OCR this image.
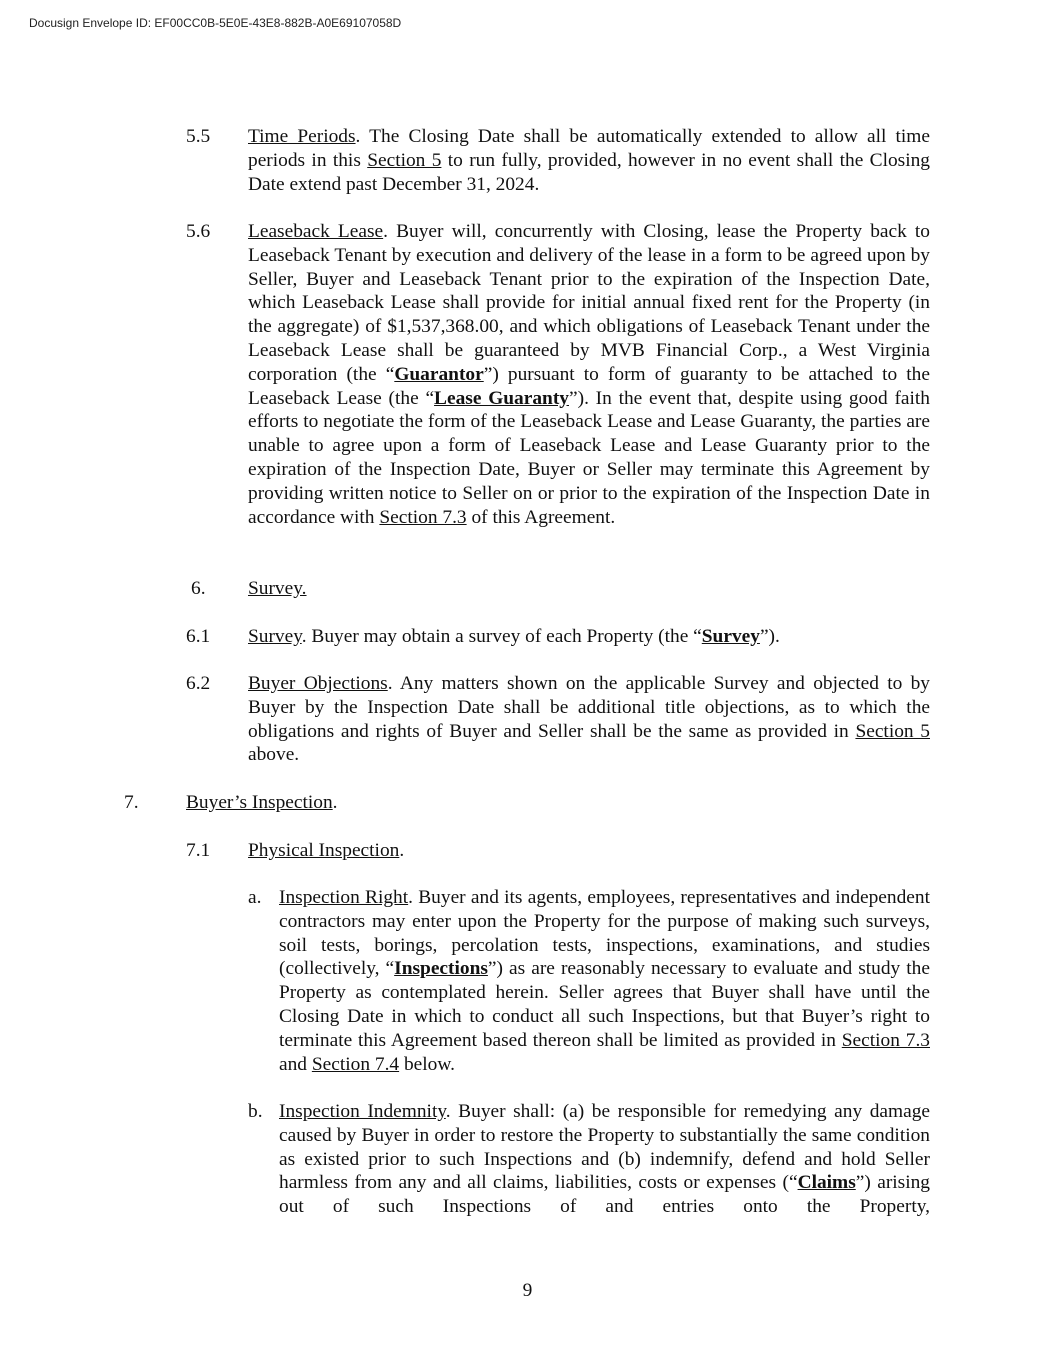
Docusign Envelope ID: EF00CC0B-5E0E-43E8-882B-A0E69107058D
5.5 Time Periods. The Closing Date shall be automatically extended to allow all time periods in this Section 5 to run fully, provided, however in no event shall the Closing Date extend past December 31, 2024.

5.6 Leaseback Lease. Buyer will, concurrently with Closing, lease the Property back to Leaseback Tenant by execution and delivery of the lease in a form to be agreed upon by Seller, Buyer and Leaseback Tenant prior to the expiration of the Inspection Date, which Leaseback Lease shall provide for initial annual fixed rent for the Property (in the aggregate) of $1,537,368.00, and which obligations of Leaseback Tenant under the Leaseback Lease shall be guaranteed by MVB Financial Corp., a West Virginia corporation (the “Guarantor”) pursuant to form of guaranty to be attached to the Leaseback Lease (the “Lease Guaranty”). In the event that, despite using good faith efforts to negotiate the form of the Leaseback Lease and Lease Guaranty, the parties are unable to agree upon a form of Leaseback Lease and Lease Guaranty prior to the expiration of the Inspection Date, Buyer or Seller may terminate this Agreement by providing written notice to Seller on or prior to the expiration of the Inspection Date in accordance with Section 7.3 of this Agreement.

6. Survey.

6.1 Survey. Buyer may obtain a survey of each Property (the “Survey”).

6.2 Buyer Objections. Any matters shown on the applicable Survey and objected to by Buyer by the Inspection Date shall be additional title objections, as to which the obligations and rights of Buyer and Seller shall be the same as provided in Section 5 above.

7. Buyer’s Inspection.

7.1 Physical Inspection.

a. Inspection Right. Buyer and its agents, employees, representatives and independent contractors may enter upon the Property for the purpose of making such surveys, soil tests, borings, percolation tests, inspections, examinations, and studies (collectively, “Inspections”) as are reasonably necessary to evaluate and study the Property as contemplated herein. Seller agrees that Buyer shall have until the Closing Date in which to conduct all such Inspections, but that Buyer’s right to terminate this Agreement based thereon shall be limited as provided in Section 7.3 and Section 7.4 below.

b. Inspection Indemnity. Buyer shall: (a) be responsible for remedying any damage caused by Buyer in order to restore the Property to substantially the same condition as existed prior to such Inspections and (b) indemnify, defend and hold Seller harmless from any and all claims, liabilities, costs or expenses (“Claims”) arising out of such Inspections of and entries onto the Property,

9
